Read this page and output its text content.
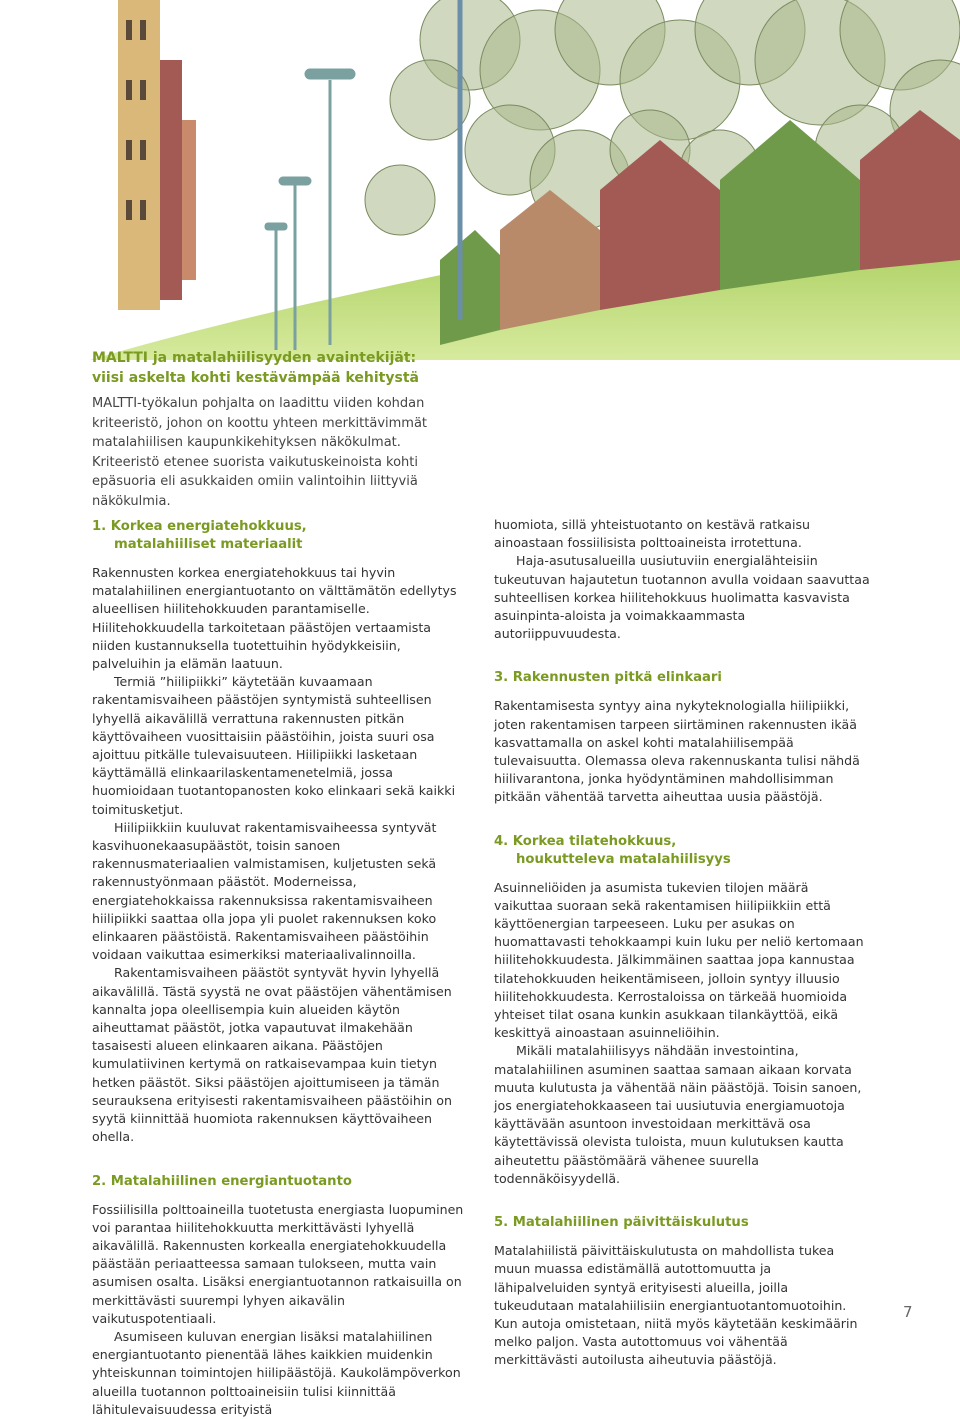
MALTTI ja matalahiilisyyden avaintekijät:
viisi askelta kohti kestävämpää kehitystä

MALTTI-työkalun pohjalta on laadittu viiden kohdan kriteeristö, johon on koottu yhteen merkittävimmät matalahiilisen kaupunkikehityksen näkökulmat. Kriteeristö etenee suorista vaikutuskeinoista kohti epäsuoria eli asukkaiden omiin valintoihin liittyviä näkökulmia.

1. Korkea energiatehokkuus,
matalahiiliset materiaalit

Rakennusten korkea energiatehokkuus tai hyvin matalahiilinen energiantuotanto on välttämätön edellytys alueellisen hiilitehokkuuden parantamiselle. Hiilitehokkuudella tarkoitetaan päästöjen vertaamista niiden kustannuksella tuotettuihin hyödykkeisiin, palveluihin ja elämän laatuun.

Termiä ”hiilipiikki” käytetään kuvaamaan rakentamisvaiheen päästöjen syntymistä suhteellisen lyhyellä aikavälillä verrattuna rakennusten pitkän käyttövaiheen vuosittaisiin päästöihin, joista suuri osa ajoittuu pitkälle tulevaisuuteen. Hiilipiikki lasketaan käyttämällä elinkaarilaskentamenetelmiä, jossa huomioidaan tuotantopanosten koko elinkaari sekä kaikki toimitusketjut.

Hiilipiikkiin kuuluvat rakentamisvaiheessa syntyvät kasvihuonekaasupäästöt, toisin sanoen rakennusmateriaalien valmistamisen, kuljetusten sekä rakennustyönmaan päästöt. Moderneissa, energiatehokkaissa rakennuksissa rakentamisvaiheen hiilipiikki saattaa olla jopa yli puolet rakennuksen koko elinkaaren päästöistä. Rakentamisvaiheen päästöihin voidaan vaikuttaa esimerkiksi materiaalivalinnoilla.

Rakentamisvaiheen päästöt syntyvät hyvin lyhyellä aikavälillä. Tästä syystä ne ovat päästöjen vähentämisen kannalta jopa oleellisempia kuin alueiden käytön aiheuttamat päästöt, jotka vapautuvat ilmakehään tasaisesti alueen elinkaaren aikana. Päästöjen kumulatiivinen kertymä on ratkaisevampaa kuin tietyn hetken päästöt. Siksi päästöjen ajoittumiseen ja tämän seurauksena erityisesti rakentamisvaiheen päästöihin on syytä kiinnittää huomiota rakennuksen käyttövaiheen ohella.

2. Matalahiilinen energiantuotanto

Fossiilisilla polttoaineilla tuotetusta energiasta luopuminen voi parantaa hiilitehokkuutta merkittävästi lyhyellä aikavälillä. Rakennusten korkealla energiatehokkuudella päästään periaatteessa samaan tulokseen, mutta vain asumisen osalta. Lisäksi energiantuotannon ratkaisuilla on merkittävästi suurempi lyhyen aikavälin vaikutuspotentiaali.

Asumiseen kuluvan energian lisäksi matalahiilinen energiantuotanto pienentää lähes kaikkien muidenkin yhteiskunnan toimintojen hiilipäästöjä. Kaukolämpöverkon alueilla tuotannon polttoaineisiin tulisi kiinnittää lähitulevaisuudessa erityistä

huomiota, sillä yhteistuotanto on kestävä ratkaisu ainoastaan fossiilisista polttoaineista irrotettuna.

Haja-asutusalueilla uusiutuviin energialähteisiin tukeutuvan hajautetun tuotannon avulla voidaan saavuttaa suhteellisen korkea hiilitehokkuus huolimatta kasvavista asuinpinta-aloista ja voimakkaammasta autoriippuvuudesta.

3. Rakennusten pitkä elinkaari

Rakentamisesta syntyy aina nykyteknologialla hiilipiikki, joten rakentamisen tarpeen siirtäminen rakennusten ikää kasvattamalla on askel kohti matalahiilisempää tulevaisuutta. Olemassa oleva rakennuskanta tulisi nähdä hiilivarantona, jonka hyödyntäminen mahdollisimman pitkään vähentää tarvetta aiheuttaa uusia päästöjä.

4. Korkea tilatehokkuus,
houkutteleva matalahiilisyys

Asuinneliöiden ja asumista tukevien tilojen määrä vaikuttaa suoraan sekä rakentamisen hiilipiikkiin että käyttöenergian tarpeeseen. Luku per asukas on huomattavasti tehokkaampi kuin luku per neliö kertomaan hiilitehokkuudesta. Jälkimmäinen saattaa jopa kannustaa tilatehokkuuden heikentämiseen, jolloin syntyy illuusio hiilitehokkuudesta. Kerrostaloissa on tärkeää huomioida yhteiset tilat osana kunkin asukkaan tilankäyttöä, eikä keskittyä ainoastaan asuinneliöihin.

Mikäli matalahiilisyys nähdään investointina, matalahiilinen asuminen saattaa samaan aikaan korvata muuta kulutusta ja vähentää näin päästöjä. Toisin sanoen, jos energiatehokkaaseen tai uusiutuvia energiamuotoja käyttävään asuntoon investoidaan merkittävä osa käytettävissä olevista tuloista, muun kulutuksen kautta aiheutettu päästömäärä vähenee suurella todennäköisyydellä.

5. Matalahiilinen päivittäiskulutus

Matalahiilistä päivittäiskulutusta on mahdollista tukea muun muassa edistämällä autottomuutta ja lähipalveluiden syntyä erityisesti alueilla, joilla tukeudutaan matalahiilisiin energiantuotantomuotoihin. Kun autoja omistetaan, niitä myös käytetään keskimäärin melko paljon. Vasta autottomuus voi vähentää merkittävästi autoilusta aiheutuvia päästöjä.

7
